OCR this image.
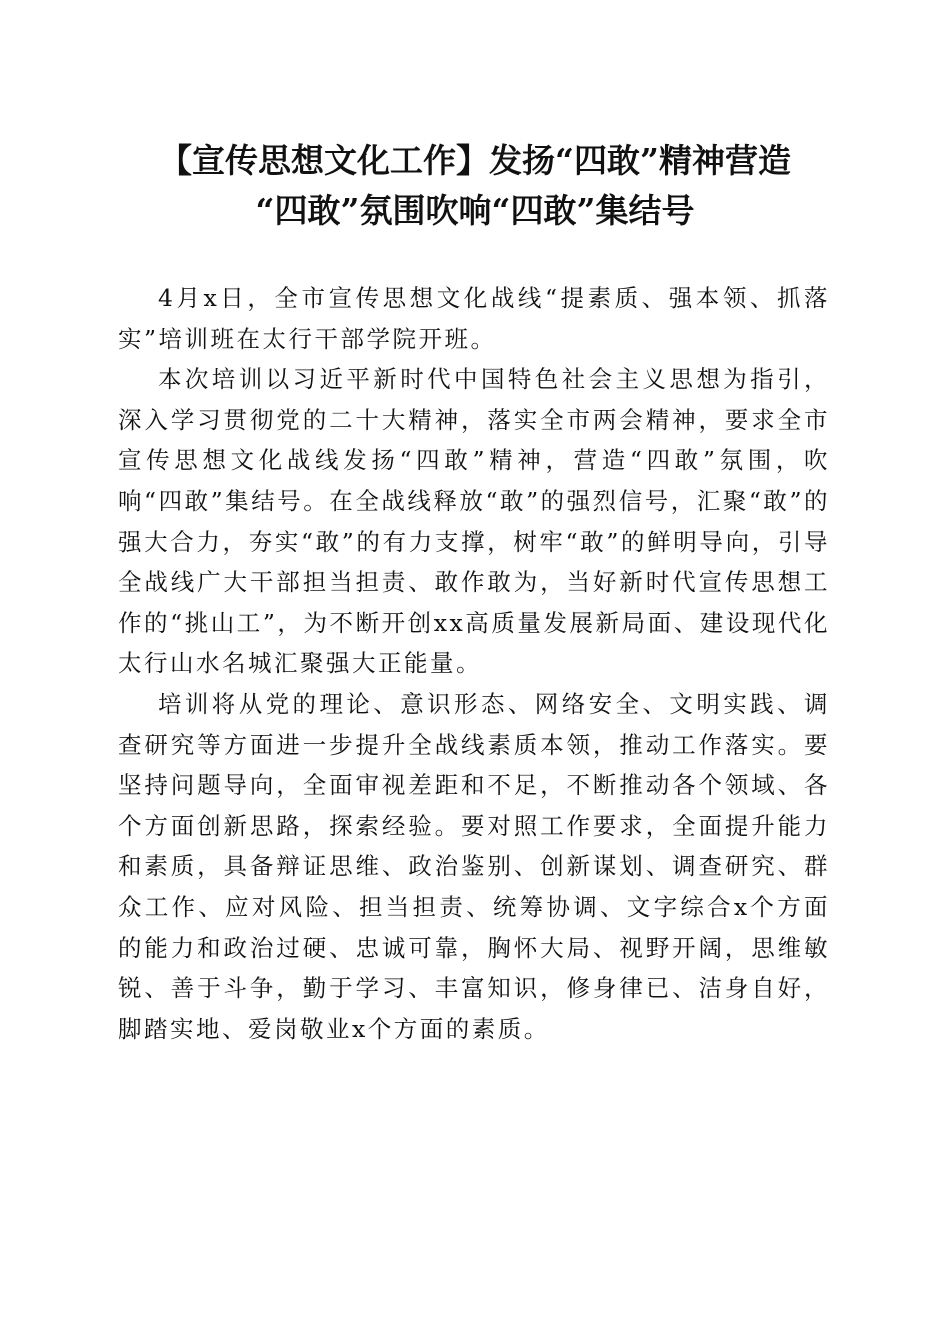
【宣传思想文化工作】发扬“四敢”精神营造
“四敢”氛围吹响“四敢”集结号

4月x日，全市宣传思想文化战线“提素质、强本领、抓落实”培训班在太行干部学院开班。

本次培训以习近平新时代中国特色社会主义思想为指引，深入学习贯彻党的二十大精神，落实全市两会精神，要求全市宣传思想文化战线发扬“四敢”精神，营造“四敢”氛围，吹响“四敢”集结号。在全战线释放“敢”的强烈信号，汇聚“敢”的强大合力，夯实“敢”的有力支撑，树牢“敢”的鲜明导向，引导全战线广大干部担当担责、敢作敢为，当好新时代宣传思想工作的“挑山工”，为不断开创xx高质量发展新局面、建设现代化太行山水名城汇聚强大正能量。

培训将从党的理论、意识形态、网络安全、文明实践、调查研究等方面进一步提升全战线素质本领，推动工作落实。要坚持问题导向，全面审视差距和不足，不断推动各个领域、各个方面创新思路，探索经验。要对照工作要求，全面提升能力和素质，具备辩证思维、政治鉴别、创新谋划、调查研究、群众工作、应对风险、担当担责、统筹协调、文字综合x个方面的能力和政治过硬、忠诚可靠，胸怀大局、视野开阔，思维敏锐、善于斗争，勤于学习、丰富知识，修身律已、洁身自好，脚踏实地、爱岗敬业x个方面的素质。
